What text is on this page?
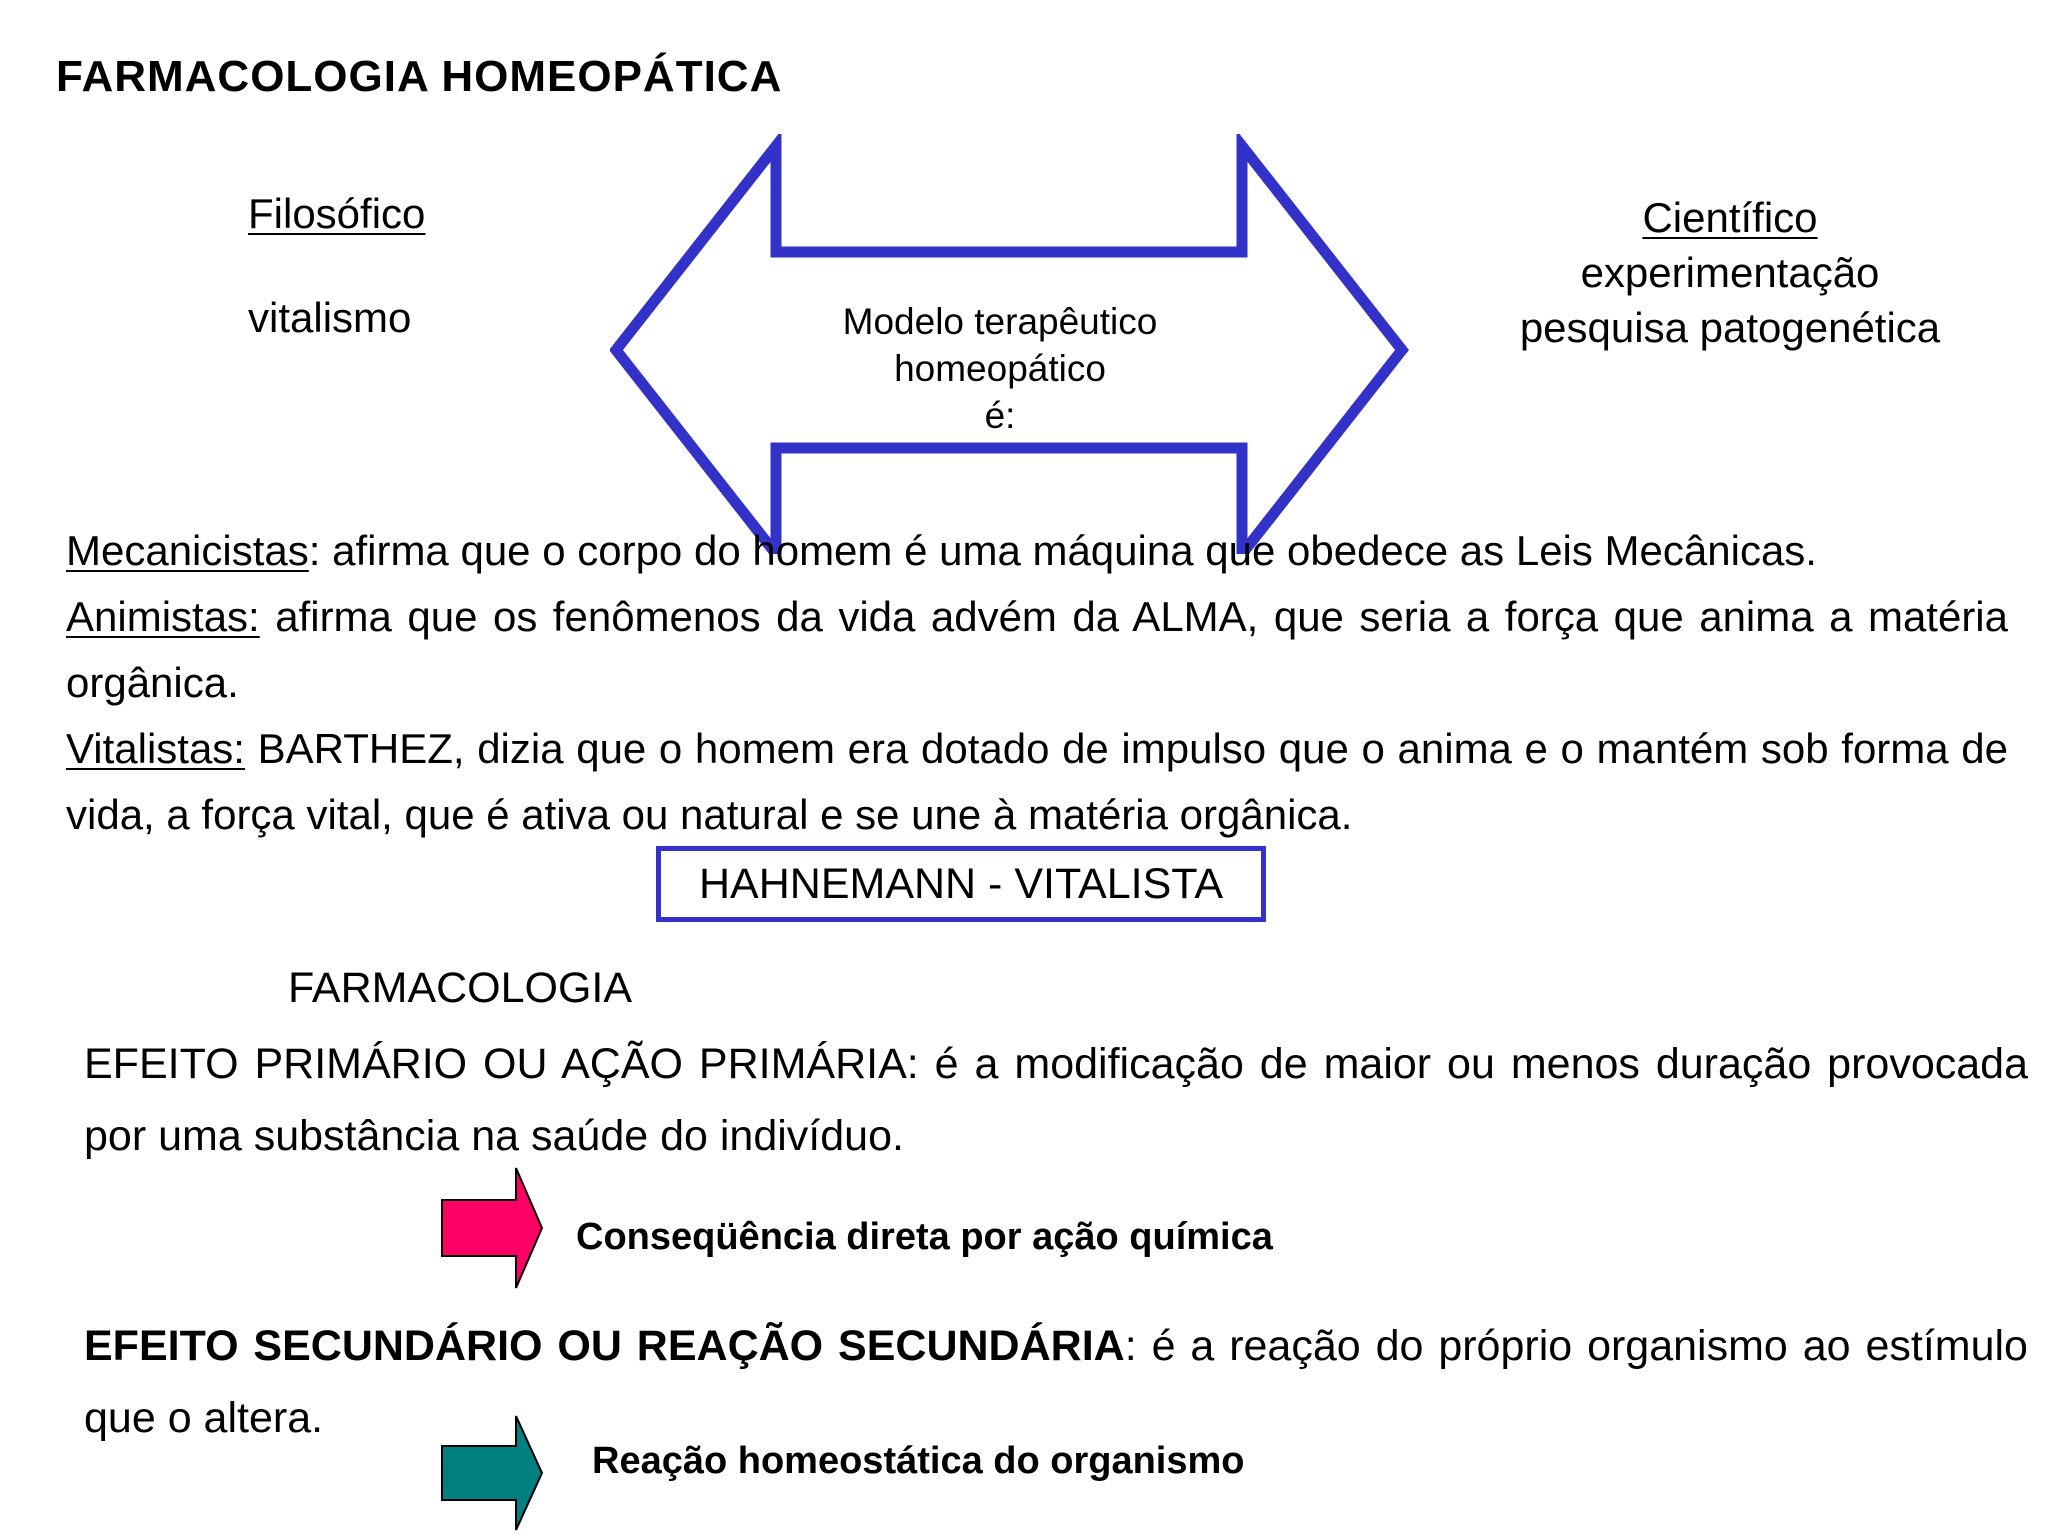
FARMACOLOGIA HOMEOPÁTICA
Filosófico
vitalismo
Científico
experimentação
pesquisa patogenética
Modelo terapêutico
homeopático
é:

Mecanicistas: afirma que o corpo do homem é uma máquina que obedece as Leis Mecânicas.

Animistas: afirma que os fenômenos da vida advém da ALMA, que seria a força que anima a matéria orgânica.

Vitalistas: BARTHEZ, dizia que o homem era dotado de impulso que o anima e o mantém sob forma de vida, a força vital, que é ativa ou natural e se une à matéria orgânica.

HAHNEMANN - VITALISTA
FARMACOLOGIA

EFEITO PRIMÁRIO OU AÇÃO PRIMÁRIA: é a modificação de maior ou menos duração provocada por uma substância na saúde do indivíduo.

Conseqüência direta por ação química

EFEITO SECUNDÁRIO OU REAÇÃO SECUNDÁRIA: é a reação do próprio organismo ao estímulo que o altera.

Reação homeostática do organismo
